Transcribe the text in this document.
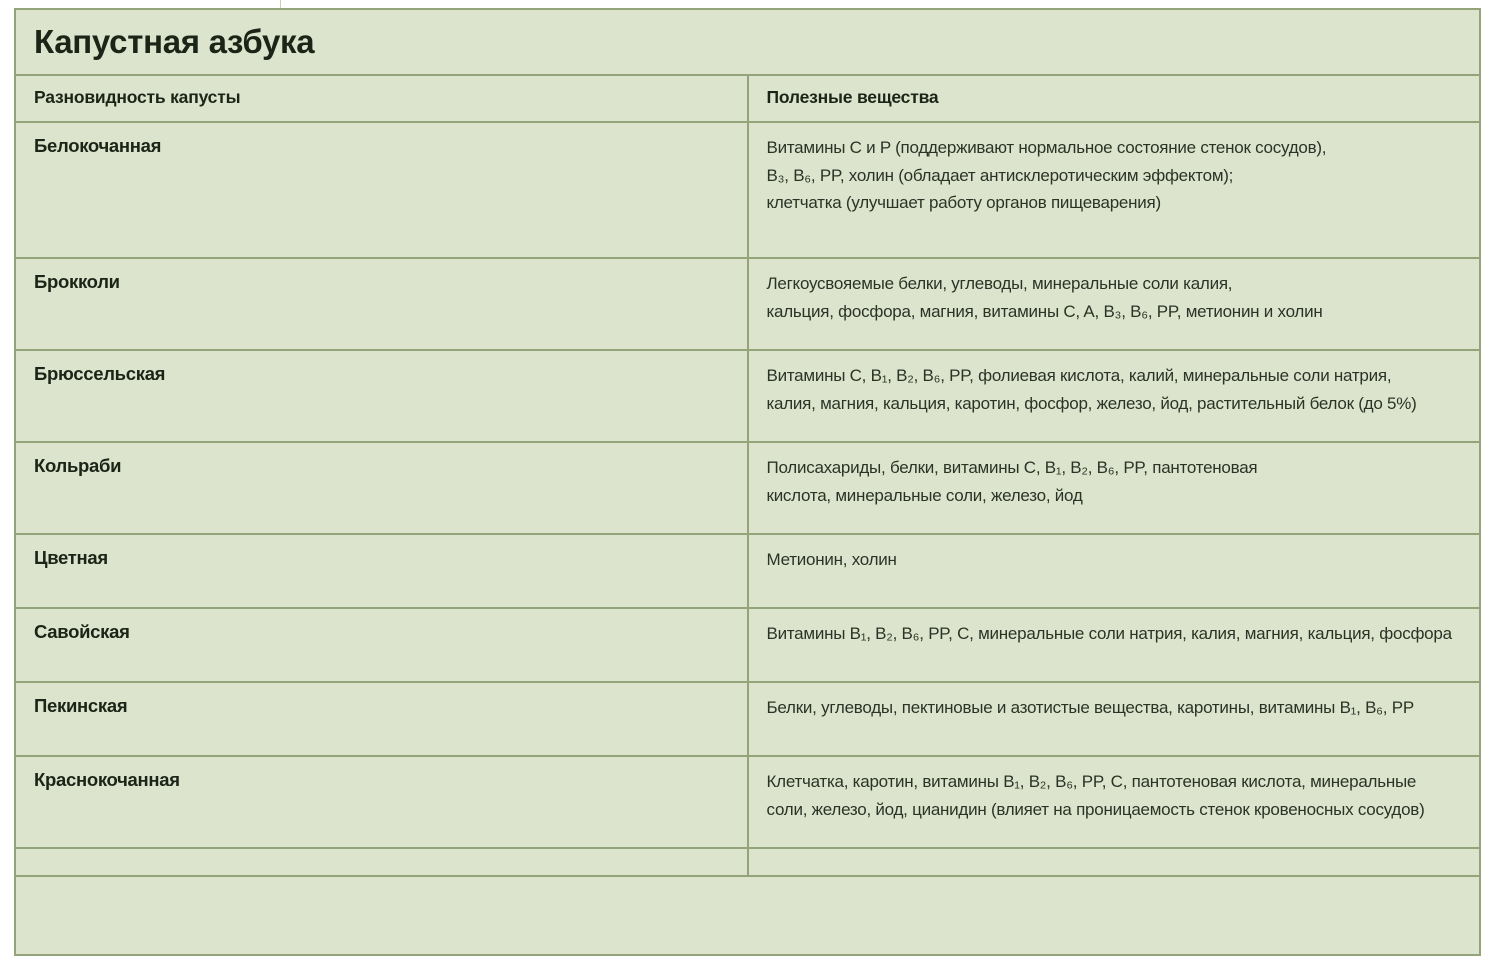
Капустная азбука	

Разновидность капусты	Полезные вещества

Белокочанная	Витамины C и P (поддерживают нормальное состояние стенок сосудов),
B₃, B₆, PP, холин (обладает антисклеротическим эффектом);
клетчатка (улучшает работу органов пищеварения)

Брокколи	Легкоусвояемые белки, углеводы, минеральные соли калия,
кальция, фосфора, магния, витамины C, A, B₃, B₆, PP, метионин и холин

Брюссельская	Витамины C, B₁, B₂, B₆, PP, фолиевая кислота, калий, минеральные соли натрия,
калия, магния, кальция, каротин, фосфор, железо, йод, растительный белок (до 5%)

Кольраби	Полисахариды, белки, витамины C, B₁, B₂, B₆, PP, пантотеновая
кислота, минеральные соли, железо, йод

Цветная	Метионин, холин

Савойская	Витамины B₁, B₂, B₆, PP, C, минеральные соли натрия, калия, магния, кальция, фосфора

Пекинская	Белки, углеводы, пектиновые и азотистые вещества, каротины, витамины B₁, B₆, PP

Краснокочанная	Клетчатка, каротин, витамины B₁, B₂, B₆, PP, C, пантотеновая кислота, минеральные
соли, железо, йод, цианидин (влияет на проницаемость стенок кровеносных сосудов)
